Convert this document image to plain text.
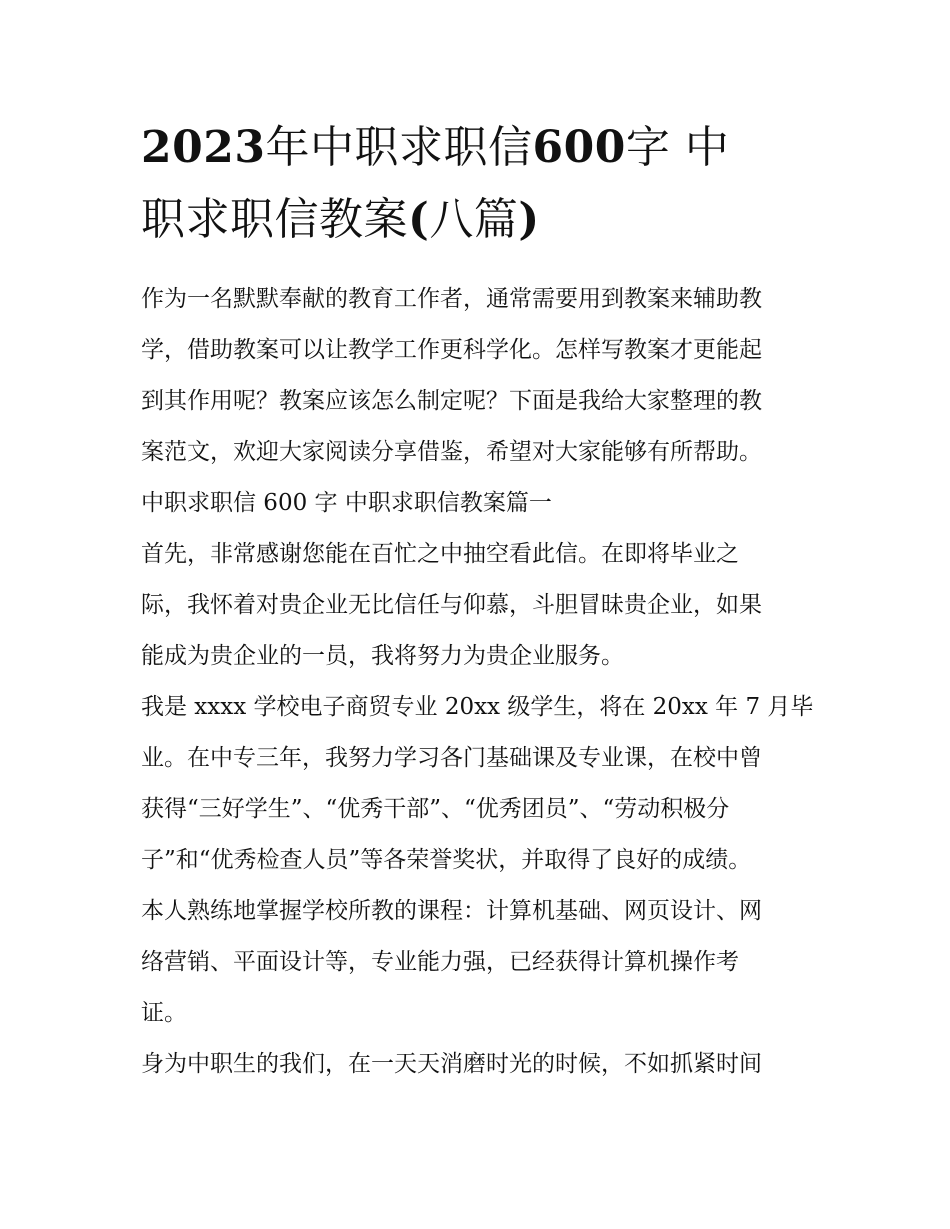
2023年中职求职信600字 中
职求职信教案(八篇)

作为一名默默奉献的教育工作者，通常需要用到教案来辅助教
学，借助教案可以让教学工作更科学化。怎样写教案才更能起
到其作用呢？教案应该怎么制定呢？下面是我给大家整理的教
案范文，欢迎大家阅读分享借鉴，希望对大家能够有所帮助。

中职求职信 600 字 中职求职信教案篇一

首先，非常感谢您能在百忙之中抽空看此信。在即将毕业之
际，我怀着对贵企业无比信任与仰慕，斗胆冒昧贵企业，如果
能成为贵企业的一员，我将努力为贵企业服务。

我是 xxxx 学校电子商贸专业 20xx 级学生，将在 20xx 年 7 月毕
业。在中专三年，我努力学习各门基础课及专业课，在校中曾
获得“三好学生”、“优秀干部”、“优秀团员”、“劳动积极分
子”和“优秀检查人员”等各荣誉奖状，并取得了良好的成绩。

本人熟练地掌握学校所教的课程：计算机基础、网页设计、网
络营销、平面设计等，专业能力强，已经获得计算机操作考
证。

身为中职生的我们，在一天天消磨时光的时候，不如抓紧时间
